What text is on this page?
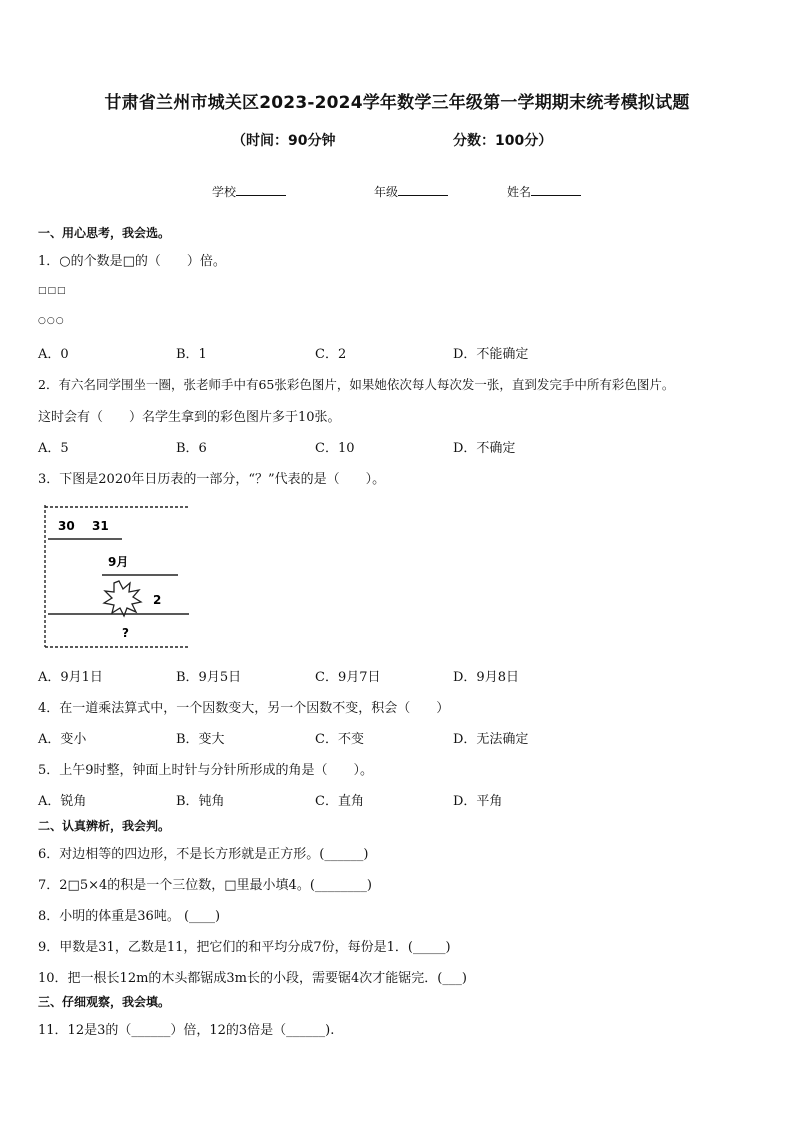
甘肃省兰州市城关区2023-2024学年数学三年级第一学期期末统考模拟试题
（时间：90分钟	分数：100分）
学校	年级	姓名
一、用心思考，我会选。
1．○的个数是□的（　　）倍。
□□□
○○○
A．0	B．1	C．2	D．不能确定
2．有六名同学围坐一圈，张老师手中有65张彩色图片，如果她依次每人每次发一张，直到发完手中所有彩色图片。
这时会有（　　）名学生拿到的彩色图片多于10张。
A．5	B．6	C．10	D．不确定
3．下图是2020年日历表的一部分，“？”代表的是（　　）。
30 31
9月
2
?
A．9月1日	B．9月5日	C．9月7日	D．9月8日
4．在一道乘法算式中，一个因数变大，另一个因数不变，积会（　　）
A．变小	B．变大	C．不变	D．无法确定
5．上午9时整，钟面上时针与分针所形成的角是（　　）。
A．锐角	B．钝角	C．直角	D．平角
二、认真辨析，我会判。
6．对边相等的四边形，不是长方形就是正方形。(______)
7．2□5×4的积是一个三位数，□里最小填4。(________)
8．小明的体重是36吨。 (____)
9．甲数是31，乙数是11，把它们的和平均分成7份，每份是1．(_____)
10．把一根长12m的木头都锯成3m长的小段，需要锯4次才能锯完．(___)
三、仔细观察，我会填。
11．12是3的（______）倍，12的3倍是（______).
